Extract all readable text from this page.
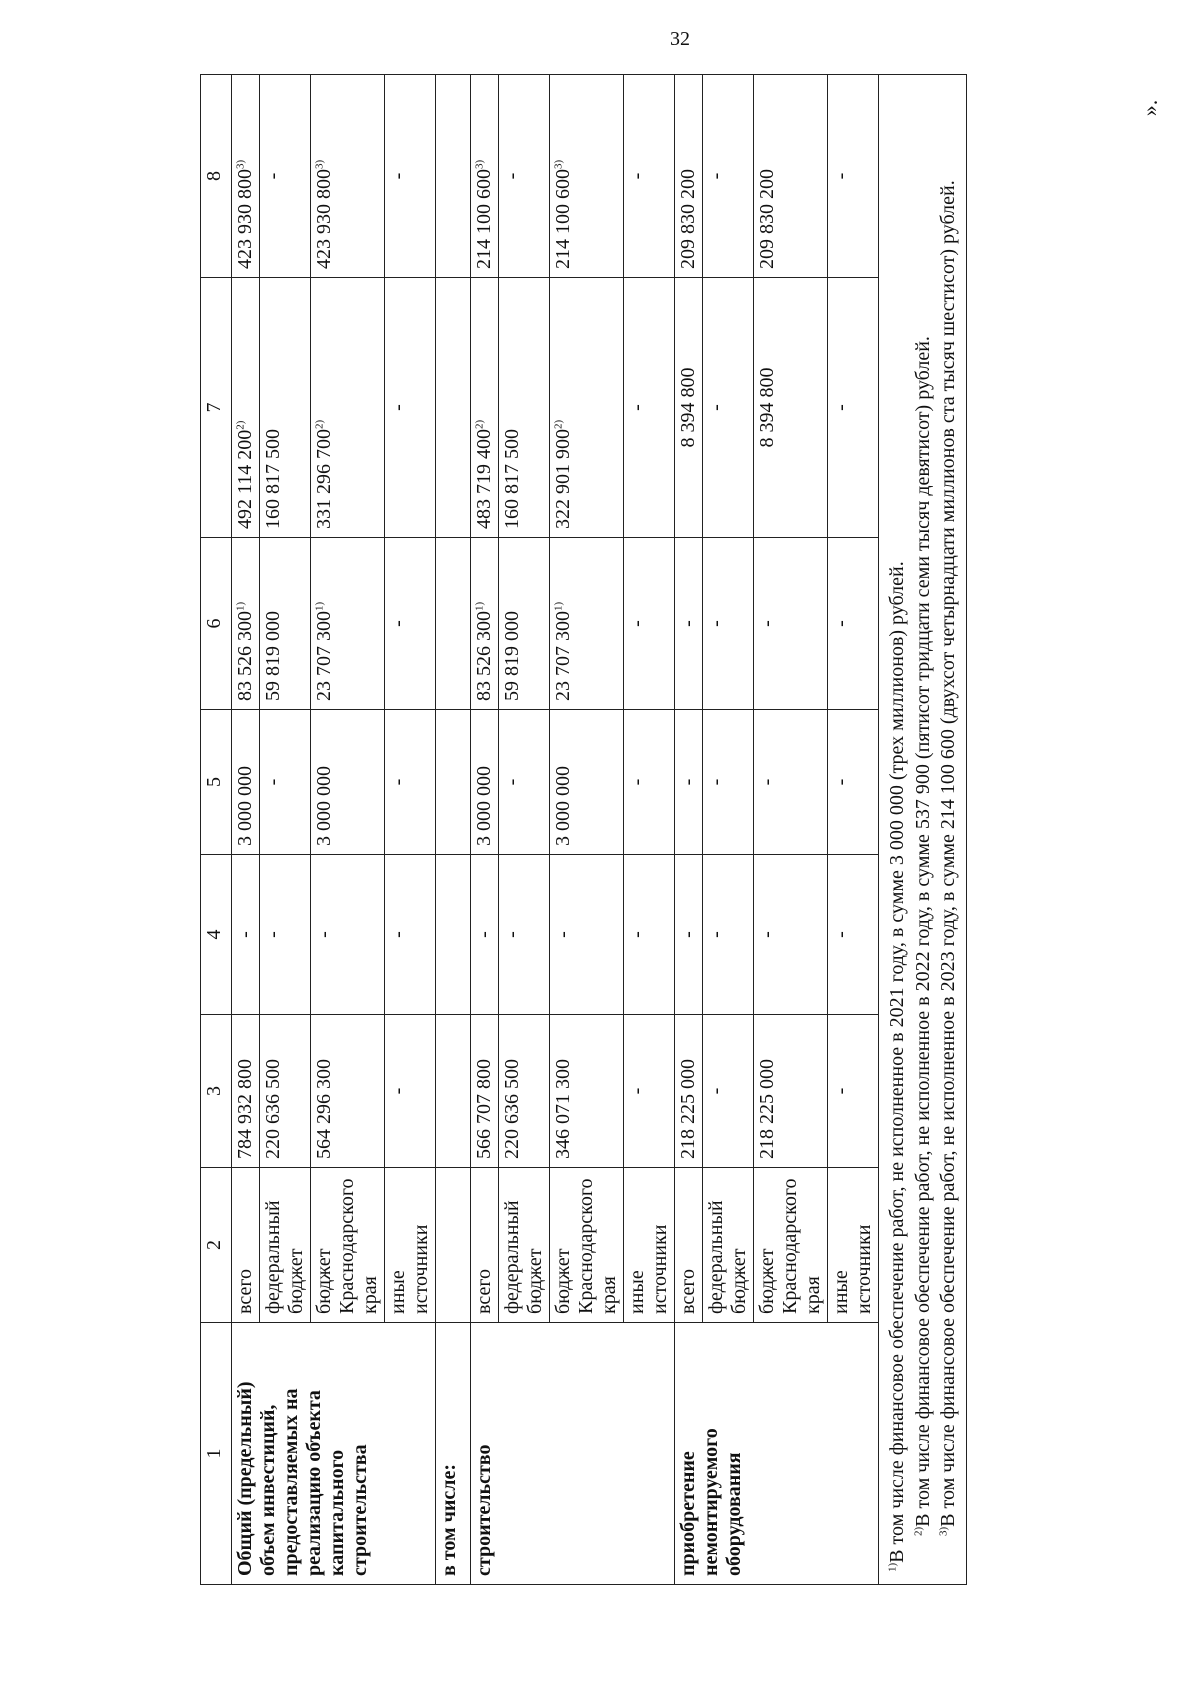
32
».
1	2	3	4	5	6	7	8
Общий (предельный) объем инвестиций, предоставляемых на реализацию объекта капитального строительства	всего	784 932 800	-	3 000 000	83 526 300$^{1)}$	492 114 200$^{2)}$	423 930 800$^{3)}$
	федеральный бюджет	220 636 500	-	-	59 819 000	160 817 500	-
	бюджет Краснодарского края	564 296 300	-	3 000 000	23 707 300$^{1)}$	331 296 700$^{2)}$	423 930 800$^{3)}$
	иные источники	-	-	-	-	-	-
в том числе:							
строительство	всего	566 707 800	-	3 000 000	83 526 300$^{1)}$	483 719 400$^{2)}$	214 100 600$^{3)}$
	федеральный бюджет	220 636 500	-	-	59 819 000	160 817 500	-
	бюджет Краснодарского края	346 071 300	-	3 000 000	23 707 300$^{1)}$	322 901 900$^{2)}$	214 100 600$^{3)}$
	иные источники	-	-	-	-	-	-
приобретение немонтируемого оборудования	всего	218 225 000	-	-	-	8 394 800	209 830 200
	федеральный бюджет	-	-	-	-	-	-
	бюджет Краснодарского края	218 225 000	-	-	-	8 394 800	209 830 200
	иные источники	-	-	-	-	-	-

$^{1)}$В том числе финансовое обеспечение работ, не исполненное в 2021 году, в сумме 3 000 000 (трех миллионов) рублей. $^{2)}$В том числе финансовое обеспечение работ, не исполненное в 2022 году, в сумме 537 900 (пятисот тридцати семи тысяч девятисот) рублей.

$^{3)}$В том числе финансовое обеспечение работ, не исполненное в 2023 году, в сумме 214 100 600 (двухсот четырнадцати миллионов ста тысяч шестисот) рублей.							
